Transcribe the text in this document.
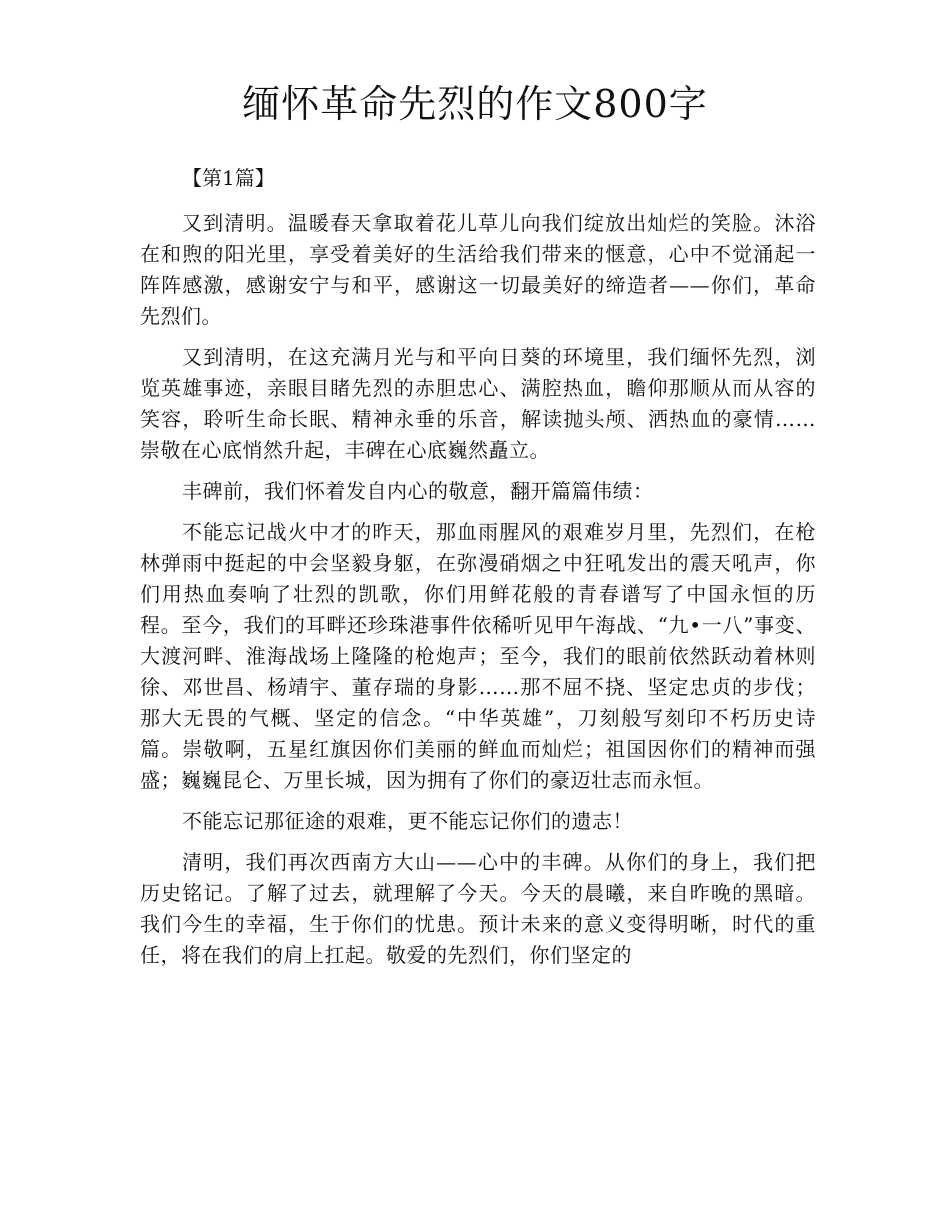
缅怀革命先烈的作文800字

【第1篇】

又到清明。温暖春天拿取着花儿草儿向我们绽放出灿烂的笑脸。沐浴在和煦的阳光里，享受着美好的生活给我们带来的惬意，心中不觉涌起一阵阵感激，感谢安宁与和平，感谢这一切最美好的缔造者——你们，革命先烈们。

又到清明，在这充满月光与和平向日葵的环境里，我们缅怀先烈，浏览英雄事迹，亲眼目睹先烈的赤胆忠心、满腔热血，瞻仰那顺从而从容的笑容，聆听生命长眠、精神永垂的乐音，解读抛头颅、洒热血的豪情……崇敬在心底悄然升起，丰碑在心底巍然矗立。

丰碑前，我们怀着发自内心的敬意，翻开篇篇伟绩：

不能忘记战火中才的昨天，那血雨腥风的艰难岁月里，先烈们，在枪林弹雨中挺起的中会坚毅身躯，在弥漫硝烟之中狂吼发出的震天吼声，你们用热血奏响了壮烈的凯歌，你们用鲜花般的青春谱写了中国永恒的历程。至今，我们的耳畔还珍珠港事件依稀听见甲午海战、“九•一八”事变、大渡河畔、淮海战场上隆隆的枪炮声；至今，我们的眼前依然跃动着林则徐、邓世昌、杨靖宇、董存瑞的身影……那不屈不挠、坚定忠贞的步伐；那大无畏的气概、坚定的信念。“中华英雄”，刀刻般写刻印不朽历史诗篇。崇敬啊，五星红旗因你们美丽的鲜血而灿烂；祖国因你们的精神而强盛；巍巍昆仑、万里长城，因为拥有了你们的豪迈壮志而永恒。

不能忘记那征途的艰难，更不能忘记你们的遗志！

清明，我们再次西南方大山——心中的丰碑。从你们的身上，我们把历史铭记。了解了过去，就理解了今天。今天的晨曦，来自昨晚的黑暗。我们今生的幸福，生于你们的忧患。预计未来的意义变得明晰，时代的重任，将在我们的肩上扛起。敬爱的先烈们，你们坚定的
